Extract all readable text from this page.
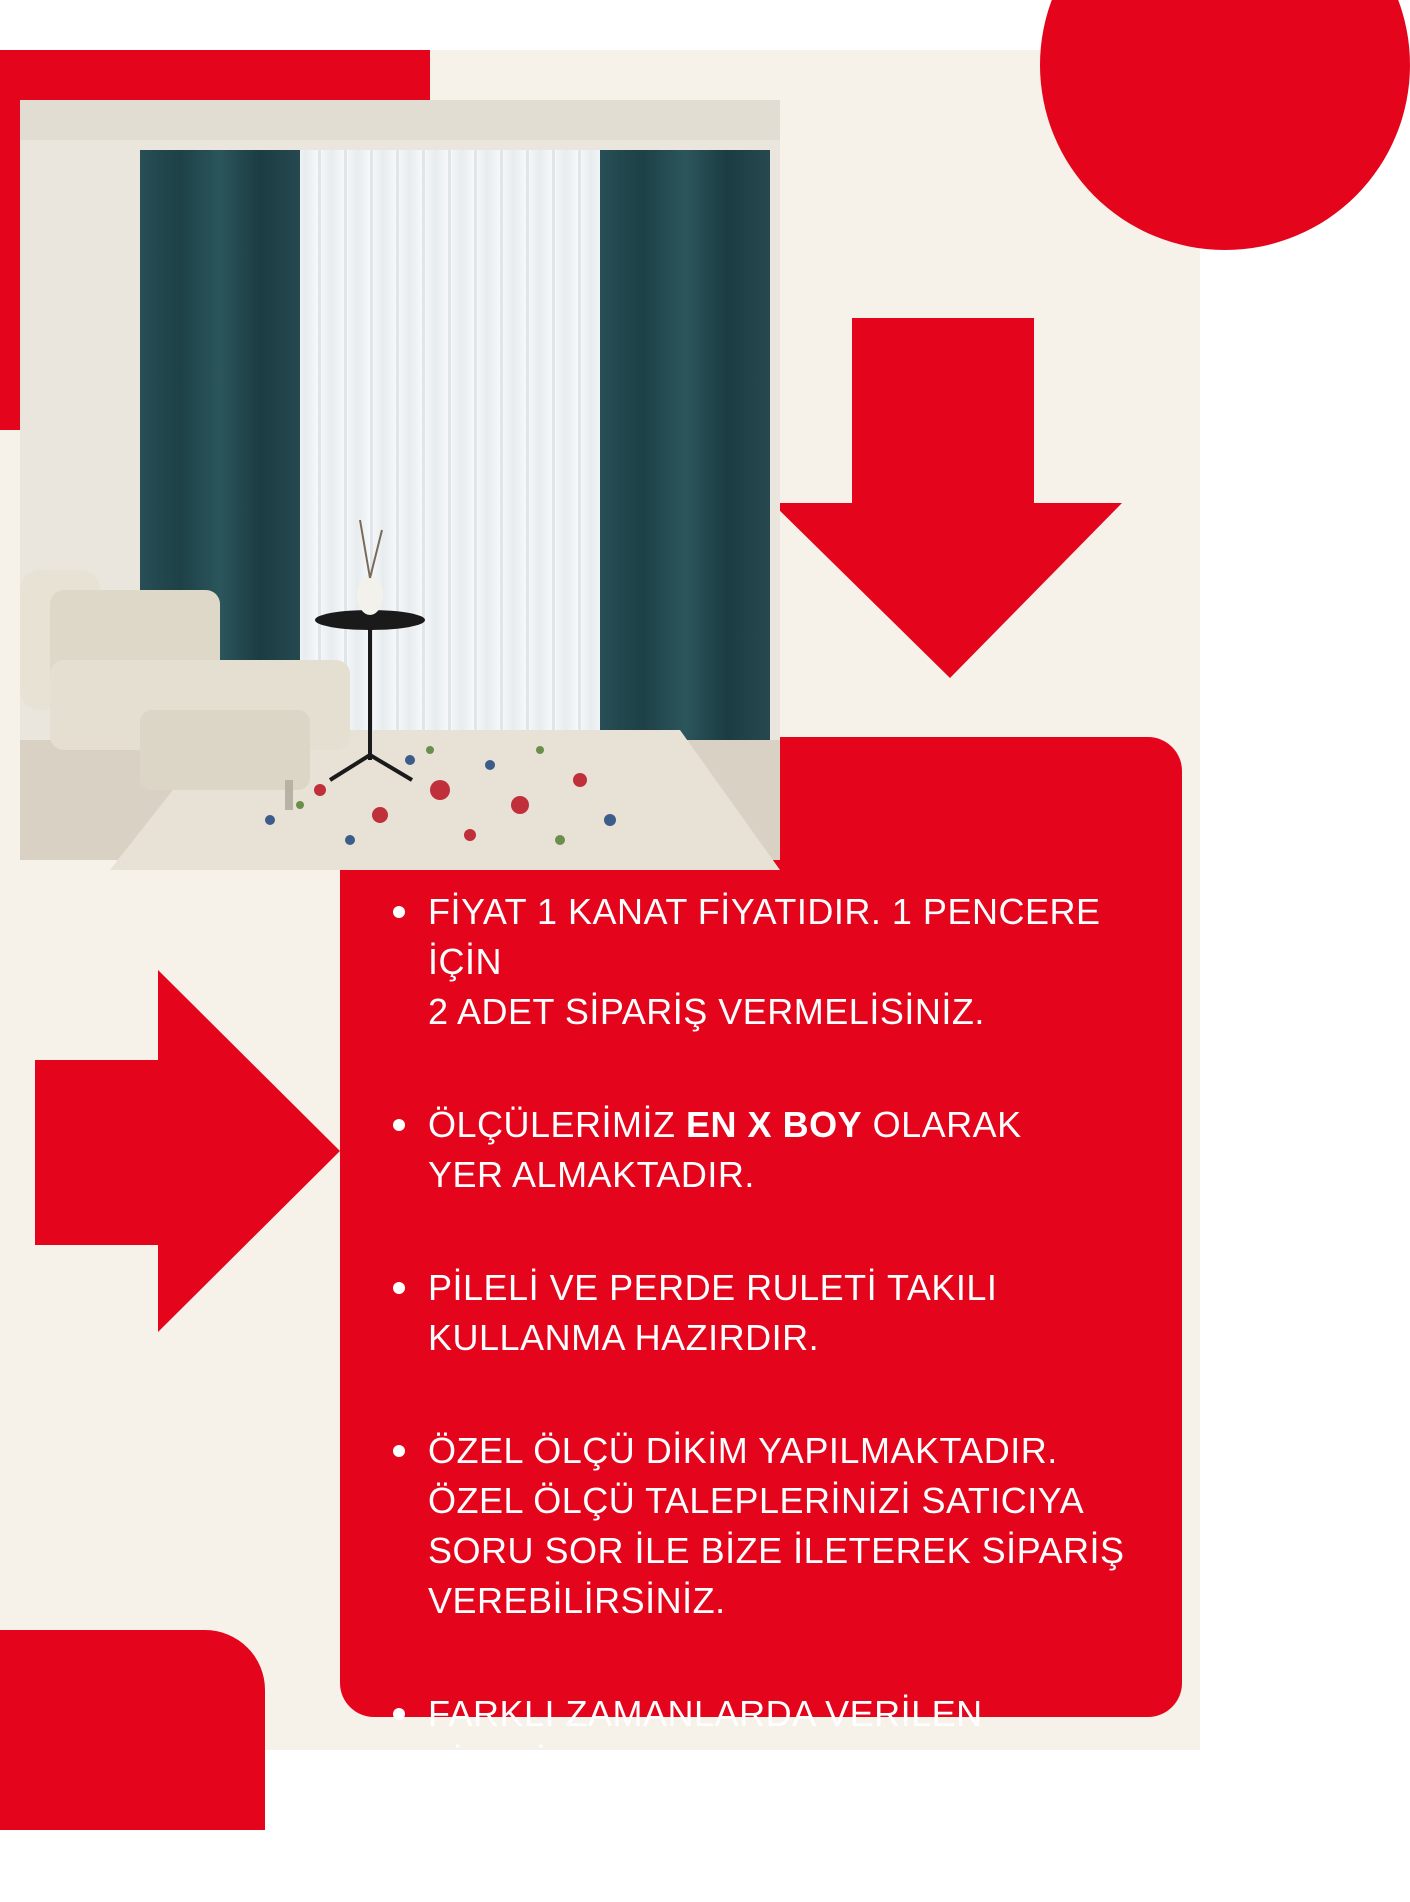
FİYAT 1 KANAT FİYATIDIR. 1 PENCERE İÇİN
2 ADET SİPARİŞ VERMELİSİNİZ.
ÖLÇÜLERİMİZ EN X BOY OLARAK
YER ALMAKTADIR.
PİLELİ VE PERDE RULETİ TAKILI
KULLANMA HAZIRDIR.
ÖZEL ÖLÇÜ DİKİM YAPILMAKTADIR.
ÖZEL ÖLÇÜ TALEPLERİNİZİ SATICIYA
SORU SOR İLE BİZE İLETEREK SİPARİŞ
VEREBİLİRSİNİZ.
FARKLI ZAMANLARDA VERİLEN
SİPARİŞLERDE TON FARKI
OLABİLMEKTEDİR.
